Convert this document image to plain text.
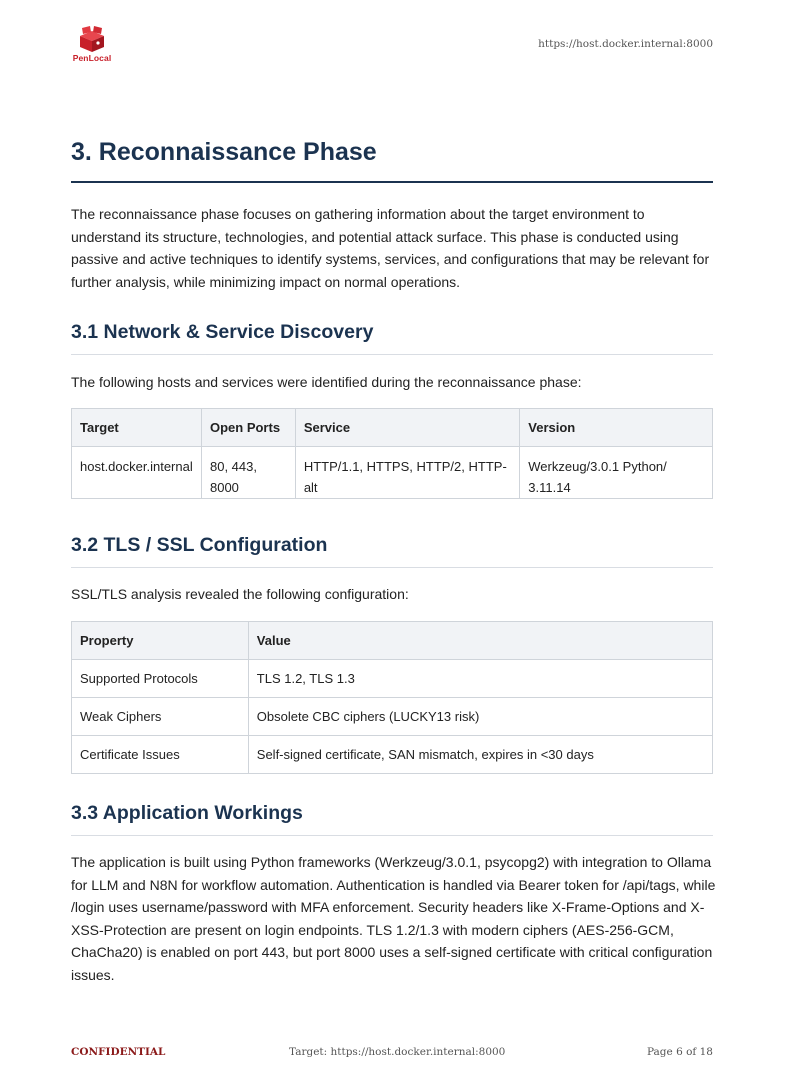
PenLocal
https://host.docker.internal:8000
3. Reconnaissance Phase

The reconnaissance phase focuses on gathering information about the target environment to understand its structure, technologies, and potential attack surface. This phase is conducted using passive and active techniques to identify systems, services, and configurations that may be relevant for further analysis, while minimizing impact on normal operations.

3.1 Network & Service Discovery

The following hosts and services were identified during the reconnaissance phase:

Target	Open Ports	Service	Version
host.docker.internal	80, 443, 8000	HTTP/1.1, HTTPS, HTTP/2, HTTP-alt	Werkzeug/3.0.1 Python/ 3.11.14
3.2 TLS / SSL Configuration

SSL/TLS analysis revealed the following configuration:

Property	Value
Supported Protocols	TLS 1.2, TLS 1.3
Weak Ciphers	Obsolete CBC ciphers (LUCKY13 risk)
Certificate Issues	Self-signed certificate, SAN mismatch, expires in <30 days
3.3 Application Workings

The application is built using Python frameworks (Werkzeug/3.0.1, psycopg2) with integration to Ollama for LLM and N8N for workflow automation. Authentication is handled via Bearer token for /api/tags, while /login uses username/password with MFA enforcement. Security headers like X-Frame-Options and X-XSS-Protection are present on login endpoints. TLS 1.2/1.3 with modern ciphers (AES-256-GCM, ChaCha20) is enabled on port 443, but port 8000 uses a self-signed certificate with critical configuration issues.

CONFIDENTIAL	Target: https://host.docker.internal:8000	Page 6 of 18
